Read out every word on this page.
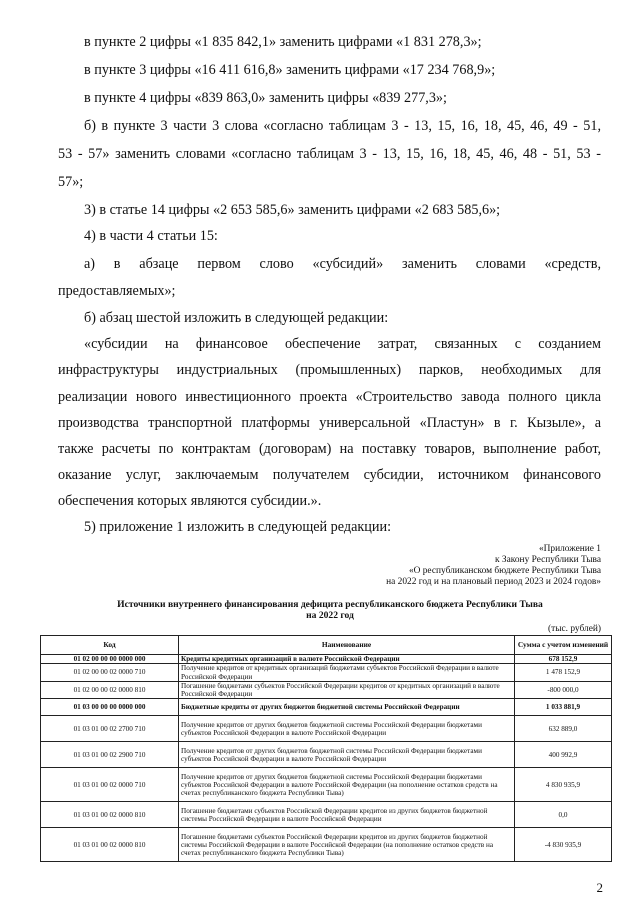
в пункте 2 цифры «1 835 842,1» заменить цифрами «1 831 278,3»;
в пункте 3 цифры «16 411 616,8» заменить цифрами «17 234 768,9»;
в пункте 4 цифры «839 863,0» заменить цифры «839 277,3»;
б) в пункте 3 части 3 слова «согласно таблицам 3 - 13, 15, 16, 18, 45, 46, 49 - 51,
53 - 57» заменить словами «согласно таблицам 3 - 13, 15, 16, 18, 45, 46, 48 - 51, 53 -
57»;
3) в статье 14 цифры «2 653 585,6» заменить цифрами «2 683 585,6»;
4) в части 4 статьи 15:
а) в абзаце первом слово «субсидий» заменить словами «средств,
предоставляемых»;
б) абзац шестой изложить в следующей редакции:
«субсидии на финансовое обеспечение затрат, связанных с созданием
инфраструктуры индустриальных (промышленных) парков, необходимых для
реализации нового инвестиционного проекта «Строительство завода полного цикла
производства транспортной платформы универсальной «Пластун» в г. Кызыле», а
также расчеты по контрактам (договорам) на поставку товаров, выполнение работ,
оказание услуг, заключаемым получателем субсидии, источником финансового
обеспечения которых являются субсидии.».
5) приложение 1 изложить в следующей редакции:
«Приложение 1
к Закону Республики Тыва
«О республиканском бюджете Республики Тыва
на 2022 год и на плановый период 2023 и 2024 годов»
Источники внутреннего финансирования дефицита республиканского бюджета Республики Тыва
на 2022 год
(тыс. рублей)
Код	Наименование	Сумма с учетом изменений
01 02 00 00 00 0000 000	Кредиты кредитных организаций в валюте Российской Федерации	678 152,9
01 02 00 00 02 0000 710	Получение кредитов от кредитных организаций бюджетами субъектов Российской Федерации в валюте Российской Федерации	1 478 152,9
01 02 00 00 02 0000 810	Погашение бюджетами субъектов Российской Федерации кредитов от кредитных организаций в валюте Российской Федерации	-800 000,0
01 03 00 00 00 0000 000	Бюджетные кредиты от других бюджетов бюджетной системы Российской Федерации	1 033 881,9
01 03 01 00 02 2700 710	Получение кредитов от других бюджетов бюджетной системы Российской Федерации бюджетами субъектов Российской Федерации в валюте Российской Федерации	632 889,0
01 03 01 00 02 2900 710	Получение кредитов от других бюджетов бюджетной системы Российской Федерации бюджетами субъектов Российской Федерации в валюте Российской Федерации	400 992,9
01 03 01 00 02 0000 710	Получение кредитов от других бюджетов бюджетной системы Российской Федерации бюджетами субъектов Российской Федерации в валюте Российской Федерации (на пополнение остатков средств на счетах республиканского бюджета Республики Тыва)	4 830 935,9
01 03 01 00 02 0000 810	Погашение бюджетами субъектов Российской Федерации кредитов из других бюджетов бюджетной системы Российской Федерации в валюте Российской Федерации	0,0
01 03 01 00 02 0000 810	Погашение бюджетами субъектов Российской Федерации кредитов из других бюджетов бюджетной системы Российской Федерации в валюте Российской Федерации (на пополнение остатков средств на счетах республиканского бюджета Республики Тыва)	-4 830 935,9
2
